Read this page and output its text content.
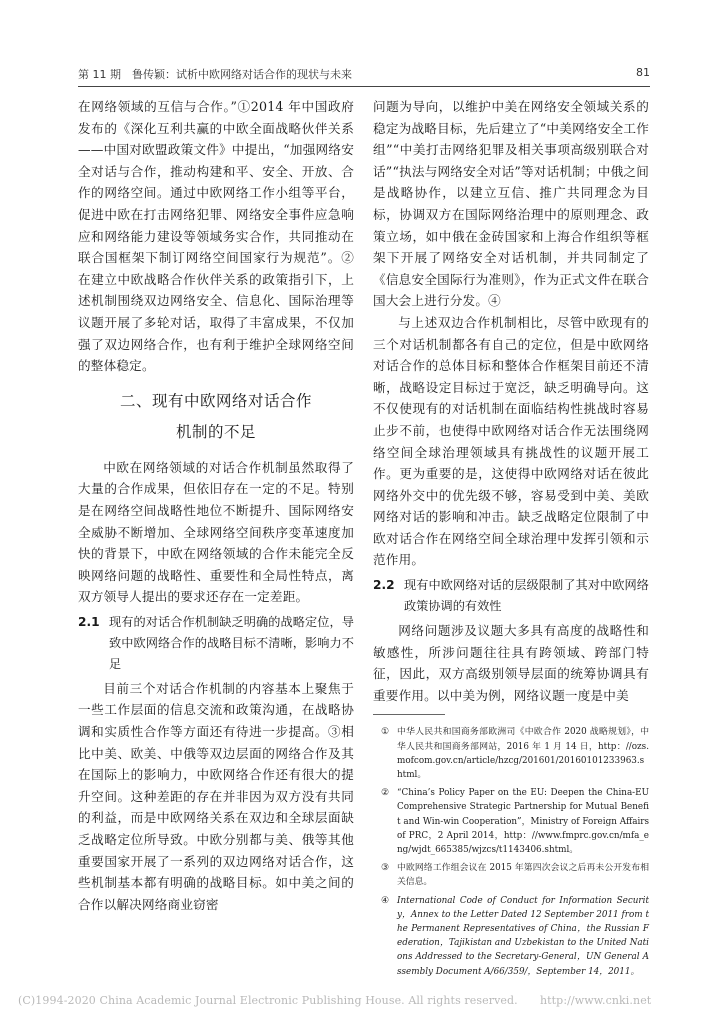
第 11 期　鲁传颖：试析中欧网络对话合作的现状与未来	81

在网络领域的互信与合作。”①2014 年中国政府发布的《深化互利共赢的中欧全面战略伙伴关系——中国对欧盟政策文件》中提出，“加强网络安全对话与合作，推动构建和平、安全、开放、合作的网络空间。通过中欧网络工作小组等平台，促进中欧在打击网络犯罪、网络安全事件应急响应和网络能力建设等领域务实合作，共同推动在联合国框架下制订网络空间国家行为规范”。② 在建立中欧战略合作伙伴关系的政策指引下，上述机制围绕双边网络安全、信息化、国际治理等议题开展了多轮对话，取得了丰富成果，不仅加强了双边网络合作，也有利于维护全球网络空间的整体稳定。

二、现有中欧网络对话合作
机制的不足

中欧在网络领域的对话合作机制虽然取得了大量的合作成果，但依旧存在一定的不足。特别是在网络空间战略性地位不断提升、国际网络安全威胁不断增加、全球网络空间秩序变革速度加快的背景下，中欧在网络领域的合作未能完全反映网络问题的战略性、重要性和全局性特点，离双方领导人提出的要求还存在一定差距。

2.1 现有的对话合作机制缺乏明确的战略定位，导致中欧网络合作的战略目标不清晰，影响力不足

目前三个对话合作机制的内容基本上聚焦于一些工作层面的信息交流和政策沟通，在战略协调和实质性合作等方面还有待进一步提高。③相比中美、欧美、中俄等双边层面的网络合作及其在国际上的影响力，中欧网络合作还有很大的提升空间。这种差距的存在并非因为双方没有共同的利益，而是中欧网络关系在双边和全球层面缺乏战略定位所导致。中欧分别都与美、俄等其他重要国家开展了一系列的双边网络对话合作，这些机制基本都有明确的战略目标。如中美之间的合作以解决网络商业窃密

问题为导向，以维护中美在网络安全领域关系的稳定为战略目标，先后建立了“中美网络安全工作组”“中美打击网络犯罪及相关事项高级别联合对话”“执法与网络安全对话”等对话机制；中俄之间是战略协作，以建立互信、推广共同理念为目标，协调双方在国际网络治理中的原则理念、政策立场，如中俄在金砖国家和上海合作组织等框架下开展了网络安全对话机制，并共同制定了《信息安全国际行为准则》，作为正式文件在联合国大会上进行分发。④

与上述双边合作机制相比，尽管中欧现有的三个对话机制都各有自己的定位，但是中欧网络对话合作的总体目标和整体合作框架目前还不清晰，战略设定目标过于宽泛，缺乏明确导向。这不仅使现有的对话机制在面临结构性挑战时容易止步不前，也使得中欧网络对话合作无法围绕网络空间全球治理领域具有挑战性的议题开展工作。更为重要的是，这使得中欧网络对话在彼此网络外交中的优先级不够，容易受到中美、美欧网络对话的影响和冲击。缺乏战略定位限制了中欧对话合作在网络空间全球治理中发挥引领和示范作用。

2.2 现有中欧网络对话的层级限制了其对中欧网络政策协调的有效性

网络问题涉及议题大多具有高度的战略性和敏感性，所涉问题往往具有跨领域、跨部门特征，因此，双方高级别领导层面的统筹协调具有重要作用。以中美为例，网络议题一度是中美

① 中华人民共和国商务部欧洲司《中欧合作 2020 战略规划》，中华人民共和国商务部网站，2016 年 1 月 14 日，http：//ozs.mofcom.gov.cn/article/hzcg/201601/20160101233963.shtml。
② “China’s Policy Paper on the EU: Deepen the China-EU Comprehensive Strategic Partnership for Mutual Benefit and Win-win Cooperation”，Ministry of Foreign Affairs of PRC，2 April 2014，http：//www.fmprc.gov.cn/mfa_eng/wjdt_665385/wjzcs/t1143406.shtml。
③ 中欧网络工作组会议在 2015 年第四次会议之后再未公开发布相关信息。
④ International Code of Conduct for Information Security，Annex to the Letter Dated 12 September 2011 from the Permanent Representatives of China，the Russian Federation，Tajikistan and Uzbekistan to the United Nations Addressed to the Secretary-General，UN General Assembly Document A/66/359/，September 14，2011。
(C)1994-2020 China Academic Journal Electronic Publishing House. All rights reserved.　　http://www.cnki.net
